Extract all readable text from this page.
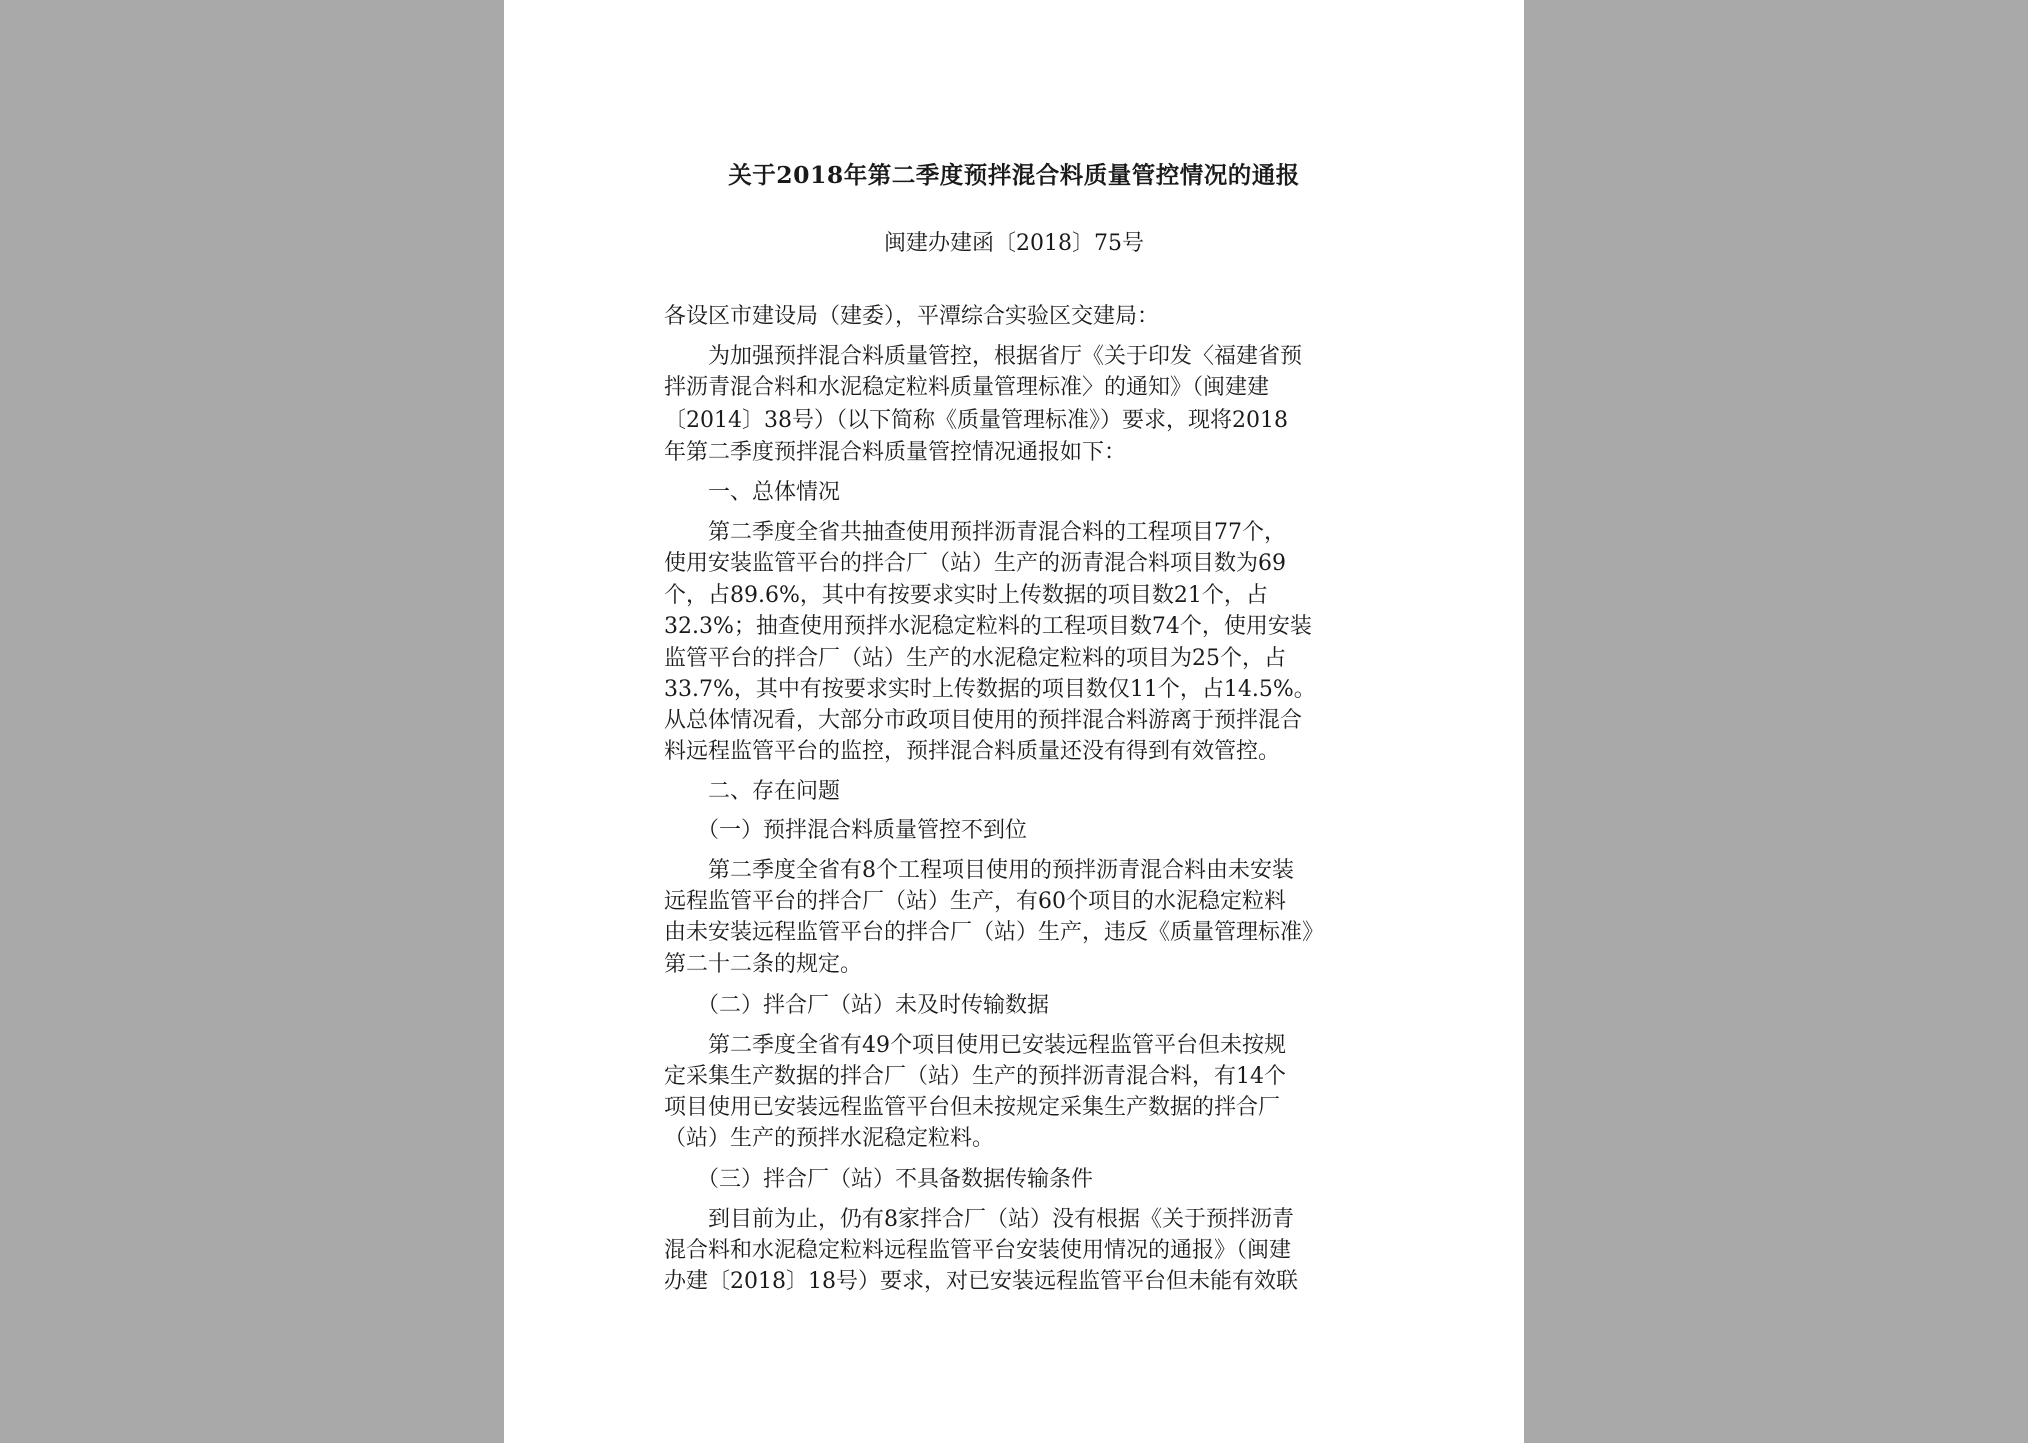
关于2018年第二季度预拌混合料质量管控情况的通报
闽建办建函〔2018〕75号
各设区市建设局（建委），平潭综合实验区交建局：
　　为加强预拌混合料质量管控，根据省厅《关于印发〈福建省预
拌沥青混合料和水泥稳定粒料质量管理标准〉的通知》（闽建建
〔2014〕38号）（以下简称《质量管理标准》）要求，现将2018
年第二季度预拌混合料质量管控情况通报如下：
　　一、总体情况
　　第二季度全省共抽查使用预拌沥青混合料的工程项目77个，
使用安装监管平台的拌合厂（站）生产的沥青混合料项目数为69
个，占89.6%，其中有按要求实时上传数据的项目数21个，占
32.3%；抽查使用预拌水泥稳定粒料的工程项目数74个，使用安装
监管平台的拌合厂（站）生产的水泥稳定粒料的项目为25个，占
33.7%，其中有按要求实时上传数据的项目数仅11个，占14.5%。
从总体情况看，大部分市政项目使用的预拌混合料游离于预拌混合
料远程监管平台的监控，预拌混合料质量还没有得到有效管控。
　　二、存在问题
　　（一）预拌混合料质量管控不到位
　　第二季度全省有8个工程项目使用的预拌沥青混合料由未安装
远程监管平台的拌合厂（站）生产，有60个项目的水泥稳定粒料
由未安装远程监管平台的拌合厂（站）生产，违反《质量管理标准》
第二十二条的规定。
　　（二）拌合厂（站）未及时传输数据
　　第二季度全省有49个项目使用已安装远程监管平台但未按规
定采集生产数据的拌合厂（站）生产的预拌沥青混合料，有14个
项目使用已安装远程监管平台但未按规定采集生产数据的拌合厂
（站）生产的预拌水泥稳定粒料。
　　（三）拌合厂（站）不具备数据传输条件
　　到目前为止，仍有8家拌合厂（站）没有根据《关于预拌沥青
混合料和水泥稳定粒料远程监管平台安装使用情况的通报》（闽建
办建〔2018〕18号）要求，对已安装远程监管平台但未能有效联
